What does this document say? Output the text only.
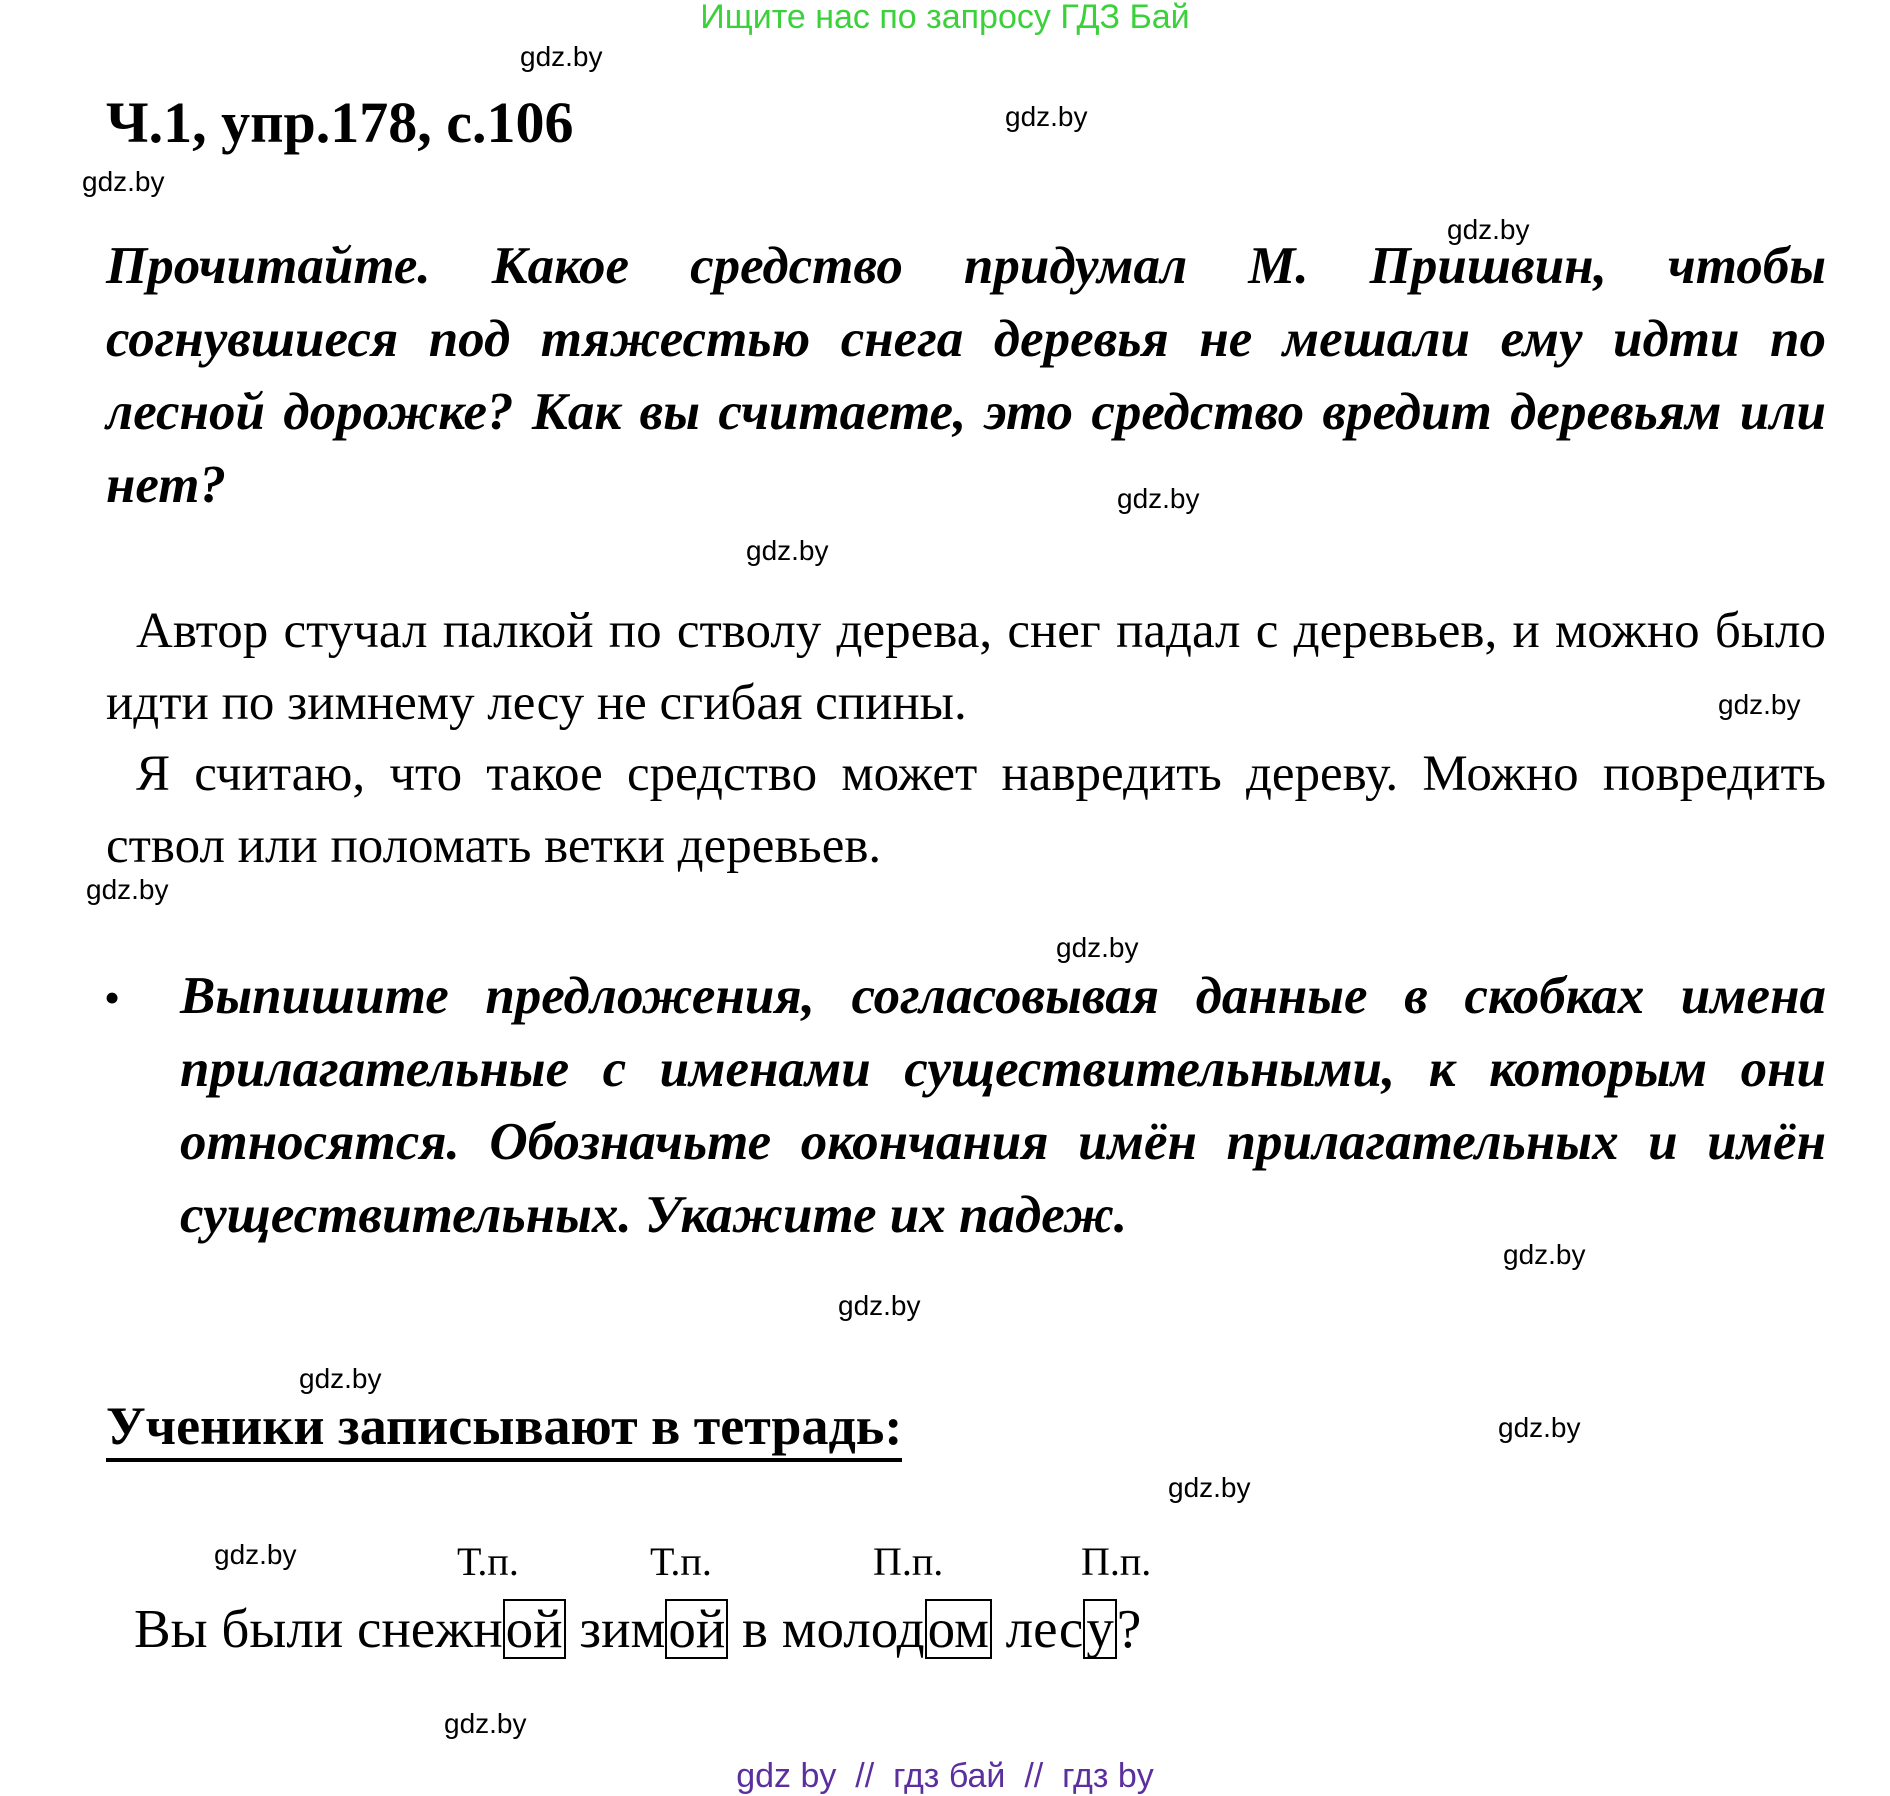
Ищите нас по запросу ГДЗ Бай
gdz.by
gdz.by
gdz.by
gdz.by
gdz.by
gdz.by
gdz.by
gdz.by
gdz.by
gdz.by
gdz.by
gdz.by
gdz.by
gdz.by
gdz.by
gdz.by
Ч.1, упр.178, с.106
Прочитайте. Какое средство придумал М. Пришвин, чтобы согнувшиеся под тяжестью снега деревья не мешали ему идти по лесной дорожке? Как вы считаете, это средство вредит деревьям или нет?
Автор стучал палкой по стволу дерева, снег падал с деревьев, и можно было идти по зимнему лесу не сгибая спины.
Я считаю, что такое средство может навредить дереву. Можно повредить ствол или поломать ветки деревьев.
• Выпишите предложения, согласовывая данные в скобках имена прилагательные с именами существительными, к которым они относятся. Обозначьте окончания имён прилагательных и имён существительных. Укажите их падеж.
Ученики записывают в тетрадь:
Т.п.	Т.п.	П.п.	П.п.
Вы были снежной зимой в молодом лесу?
gdz by  //  гдз бай  //  гдз by
